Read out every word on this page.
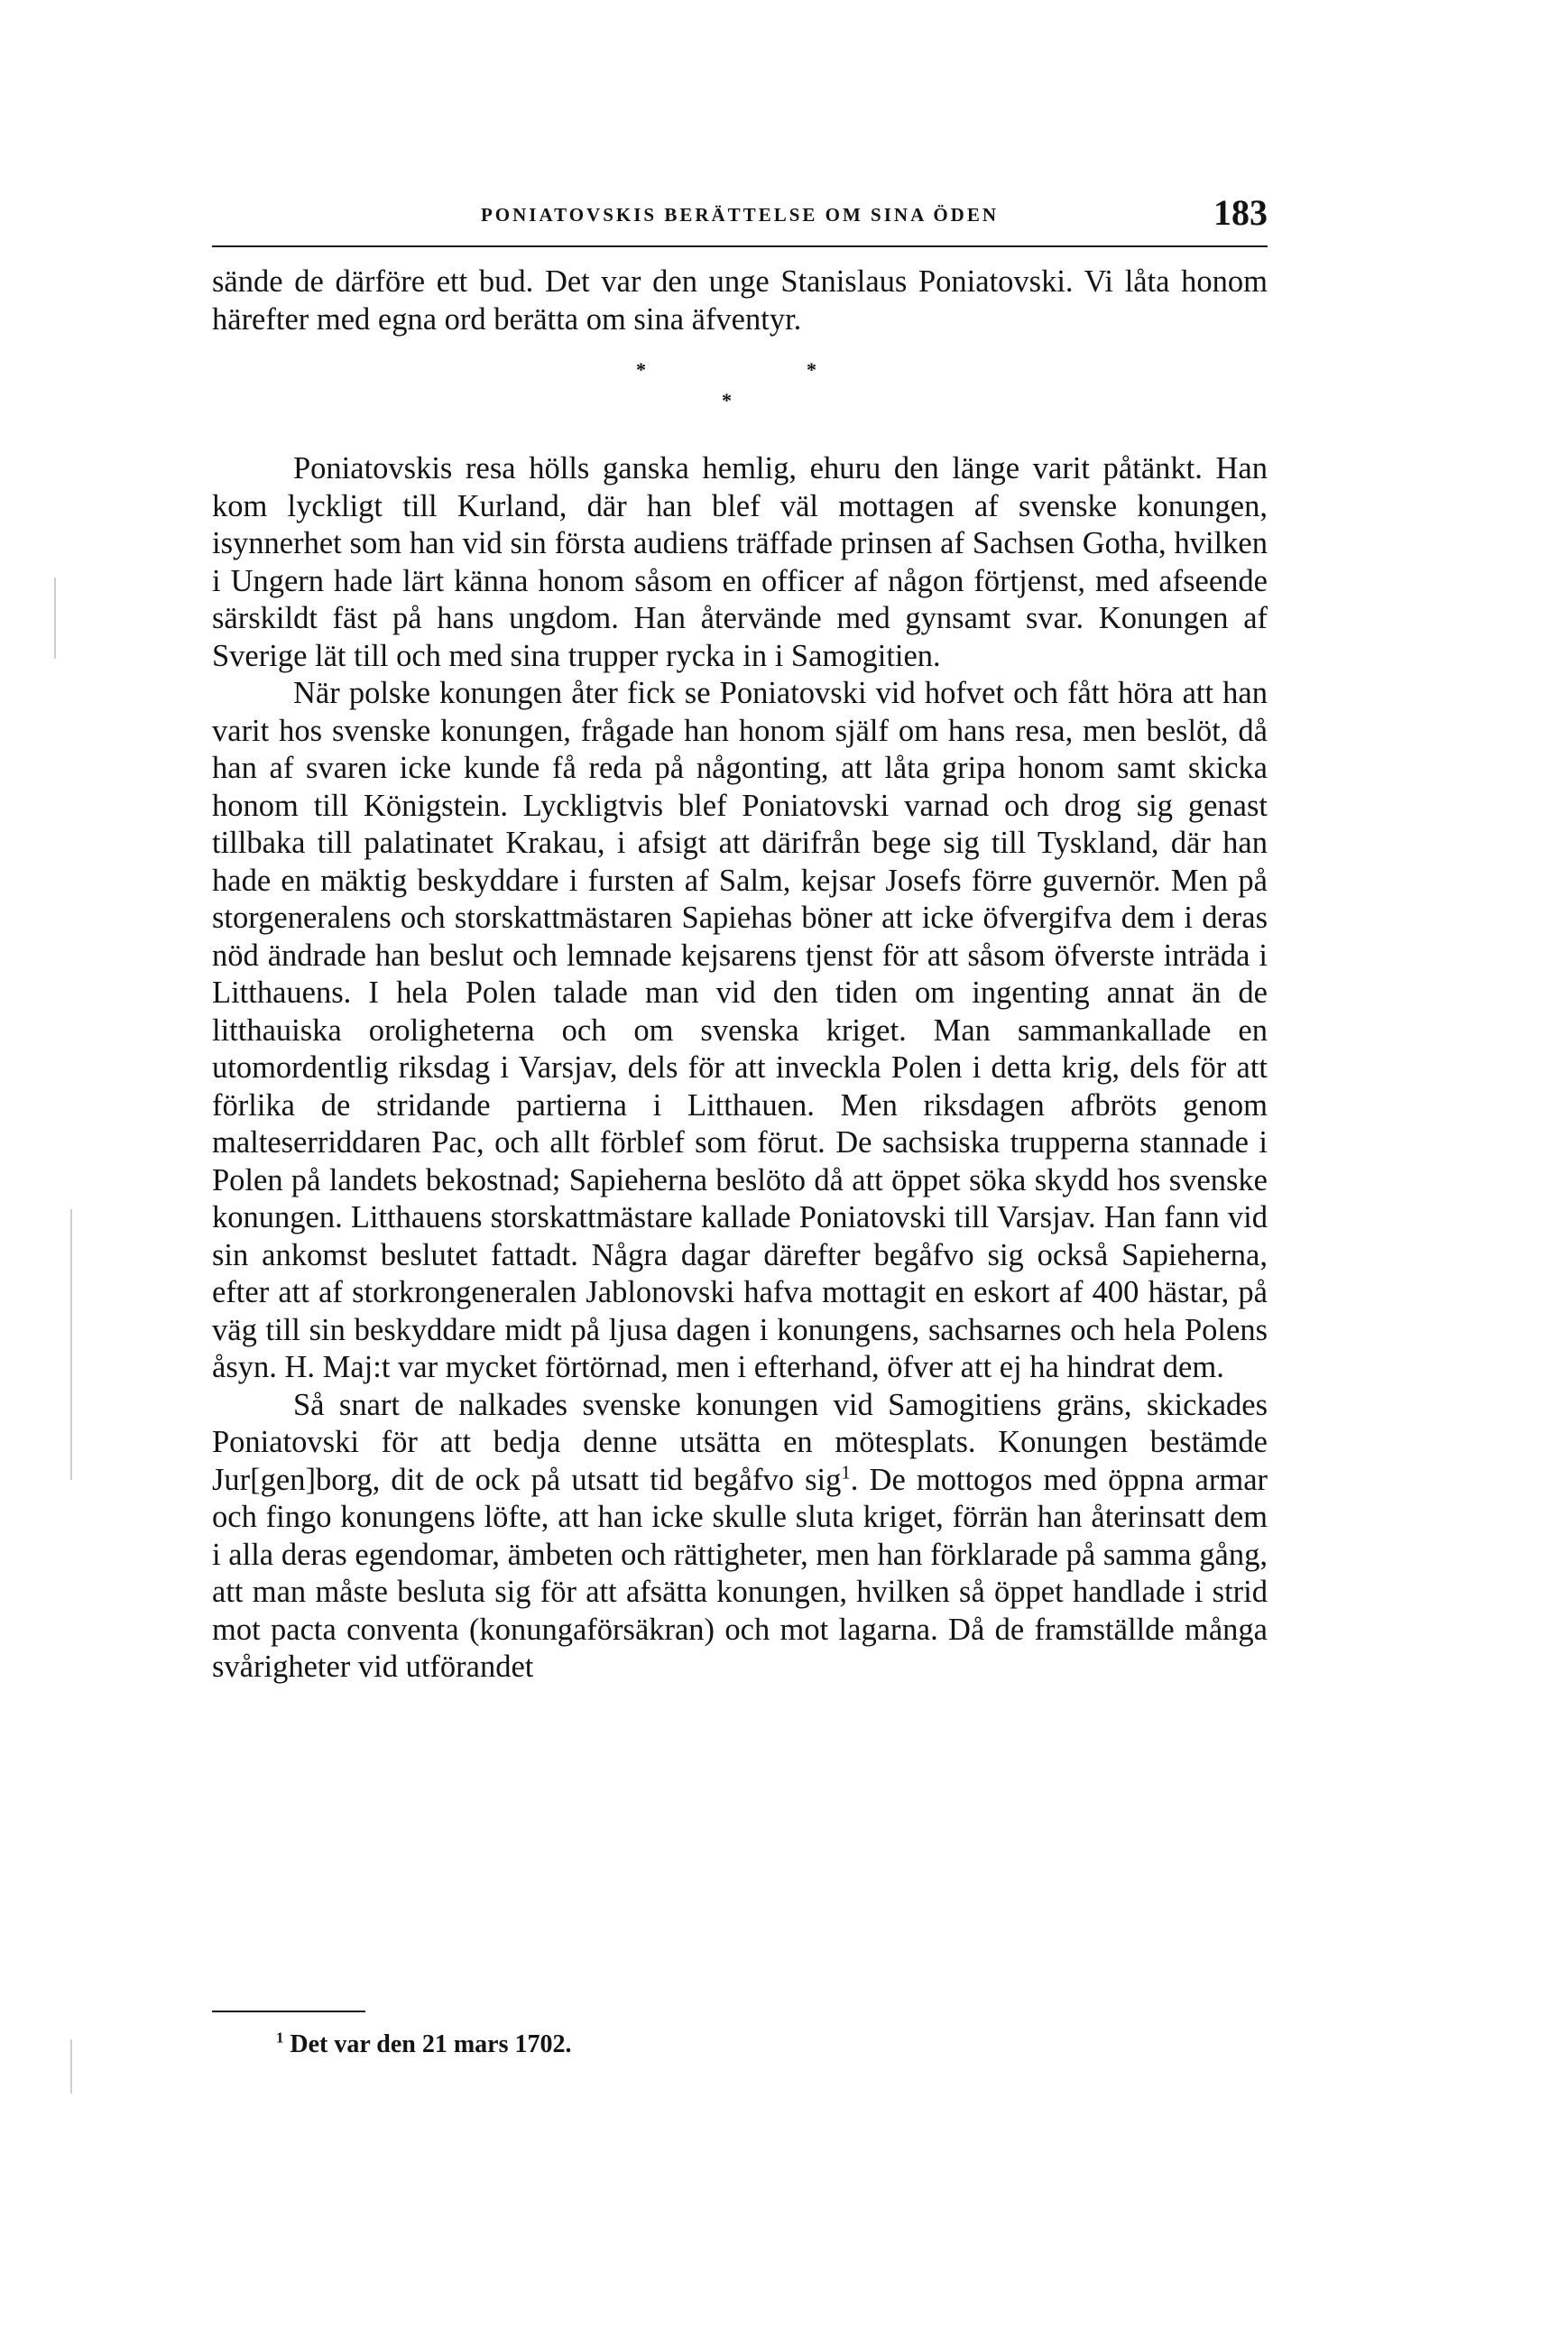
PONIATOVSKIS BERÄTTELSE OM SINA ÖDEN	183

sände de därföre ett bud. Det var den unge Stanislaus Poniatovski. Vi låta honom härefter med egna ord berätta om sina äfventyr.

*
*
*

Poniatovskis resa hölls ganska hemlig, ehuru den länge varit påtänkt. Han kom lyckligt till Kurland, där han blef väl mottagen af svenske konungen, isynnerhet som han vid sin första audiens träffade prinsen af Sachsen Gotha, hvilken i Ungern hade lärt känna honom såsom en officer af någon förtjenst, med afseende särskildt fäst på hans ungdom. Han återvände med gynsamt svar. Konungen af Sverige lät till och med sina trupper rycka in i Samogitien.

När polske konungen åter fick se Poniatovski vid hofvet och fått höra att han varit hos svenske konungen, frågade han honom själf om hans resa, men beslöt, då han af svaren icke kunde få reda på någonting, att låta gripa honom samt skicka honom till Königstein. Lyckligtvis blef Poniatovski varnad och drog sig genast tillbaka till palatinatet Krakau, i afsigt att därifrån bege sig till Tyskland, där han hade en mäktig beskyddare i fursten af Salm, kejsar Josefs förre guvernör. Men på storgeneralens och storskattmästaren Sapiehas böner att icke öfvergifva dem i deras nöd ändrade han beslut och lemnade kejsarens tjenst för att såsom öfverste inträda i Litthauens. I hela Polen talade man vid den tiden om ingenting annat än de litthauiska oroligheterna och om svenska kriget. Man sammankallade en utomordentlig riksdag i Varsjav, dels för att inveckla Polen i detta krig, dels för att förlika de stridande partierna i Litthauen. Men riksdagen afbröts genom malteserriddaren Pac, och allt förblef som förut. De sachsiska trupperna stannade i Polen på landets bekostnad; Sapieherna beslöto då att öppet söka skydd hos svenske konungen. Litthauens storskattmästare kallade Poniatovski till Varsjav. Han fann vid sin ankomst beslutet fattadt. Några dagar därefter begåfvo sig också Sapieherna, efter att af storkrongeneralen Jablonovski hafva mottagit en eskort af 400 hästar, på väg till sin beskyddare midt på ljusa dagen i konungens, sachsarnes och hela Polens åsyn. H. Maj:t var mycket förtörnad, men i efterhand, öfver att ej ha hindrat dem.

Så snart de nalkades svenske konungen vid Samogitiens gräns, skickades Poniatovski för att bedja denne utsätta en mötesplats. Konungen bestämde Jur[gen]borg, dit de ock på utsatt tid begåfvo sig$^1$. De mottogos med öppna armar och fingo konungens löfte, att han icke skulle sluta kriget, förrän han återinsatt dem i alla deras egendomar, ämbeten och rättigheter, men han förklarade på samma gång, att man måste besluta sig för att afsätta konungen, hvilken så öppet handlade i strid mot pacta conventa (konungaförsäkran) och mot lagarna. Då de framställde många svårigheter vid utförandet

$^1$ Det var den 21 mars 1702.
